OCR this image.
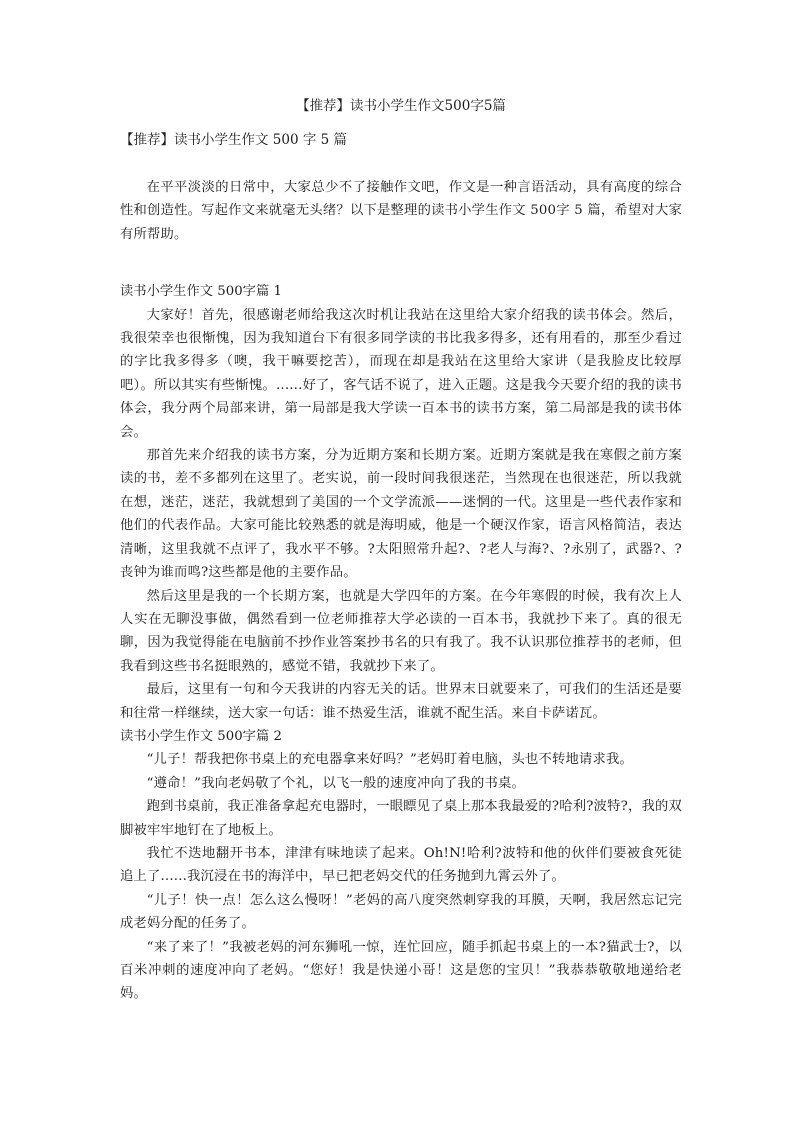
【推荐】读书小学生作文500字5篇
【推荐】读书小学生作文 500 字 5 篇

在平平淡淡的日常中，大家总少不了接触作文吧，作文是一种言语活动，具有高度的综合性和创造性。写起作文来就毫无头绪？以下是整理的读书小学生作文 500字 5 篇，希望对大家有所帮助。

读书小学生作文 500字篇 1

大家好！首先，很感谢老师给我这次时机让我站在这里给大家介绍我的读书体会。然后，我很荣幸也很惭愧，因为我知道台下有很多同学读的书比我多得多，还有用看的，那至少看过的字比我多得多（噢，我干嘛要挖苦），而现在却是我站在这里给大家讲（是我脸皮比较厚吧）。所以其实有些惭愧。......好了，客气话不说了，进入正题。这是我今天要介绍的我的读书体会，我分两个局部来讲，第一局部是我大学读一百本书的读书方案，第二局部是我的读书体会。

那首先来介绍我的读书方案，分为近期方案和长期方案。近期方案就是我在寒假之前方案读的书，差不多都列在这里了。老实说，前一段时间我很迷茫，当然现在也很迷茫，所以我就在想，迷茫，迷茫，我就想到了美国的一个文学流派——迷惘的一代。这里是一些代表作家和他们的代表作品。大家可能比较熟悉的就是海明威，他是一个硬汉作家，语言风格简洁，表达清晰，这里我就不点评了，我水平不够。?太阳照常升起?、?老人与海?、?永别了，武器?、?丧钟为谁而鸣?这些都是他的主要作品。

然后这里是我的一个长期方案，也就是大学四年的方案。在今年寒假的时候，我有次上人人实在无聊没事做，偶然看到一位老师推荐大学必读的一百本书，我就抄下来了。真的很无聊，因为我觉得能在电脑前不抄作业答案抄书名的只有我了。我不认识那位推荐书的老师，但我看到这些书名挺眼熟的，感觉不错，我就抄下来了。

最后，这里有一句和今天我讲的内容无关的话。世界末日就要来了，可我们的生活还是要和往常一样继续，送大家一句话：谁不热爱生活，谁就不配生活。来自卡萨诺瓦。

读书小学生作文 500字篇 2

“儿子！帮我把你书桌上的充电器拿来好吗？”老妈盯着电脑，头也不转地请求我。

“遵命！”我向老妈敬了个礼，以飞一般的速度冲向了我的书桌。

跑到书桌前，我正准备拿起充电器时，一眼瞟见了桌上那本我最爱的?哈利?波特?，我的双脚被牢牢地钉在了地板上。

我忙不迭地翻开书本，津津有味地读了起来。Oh!N!哈利?波特和他的伙伴们要被食死徒追上了......我沉浸在书的海洋中，早已把老妈交代的任务抛到九霄云外了。

“儿子！快一点！怎么这么慢呀！”老妈的高八度突然刺穿我的耳膜，天啊，我居然忘记完成老妈分配的任务了。

“来了来了！”我被老妈的河东狮吼一惊，连忙回应，随手抓起书桌上的一本?猫武士?，以百米冲刺的速度冲向了老妈。“您好！我是快递小哥！这是您的宝贝！”我恭恭敬敬地递给老妈。
